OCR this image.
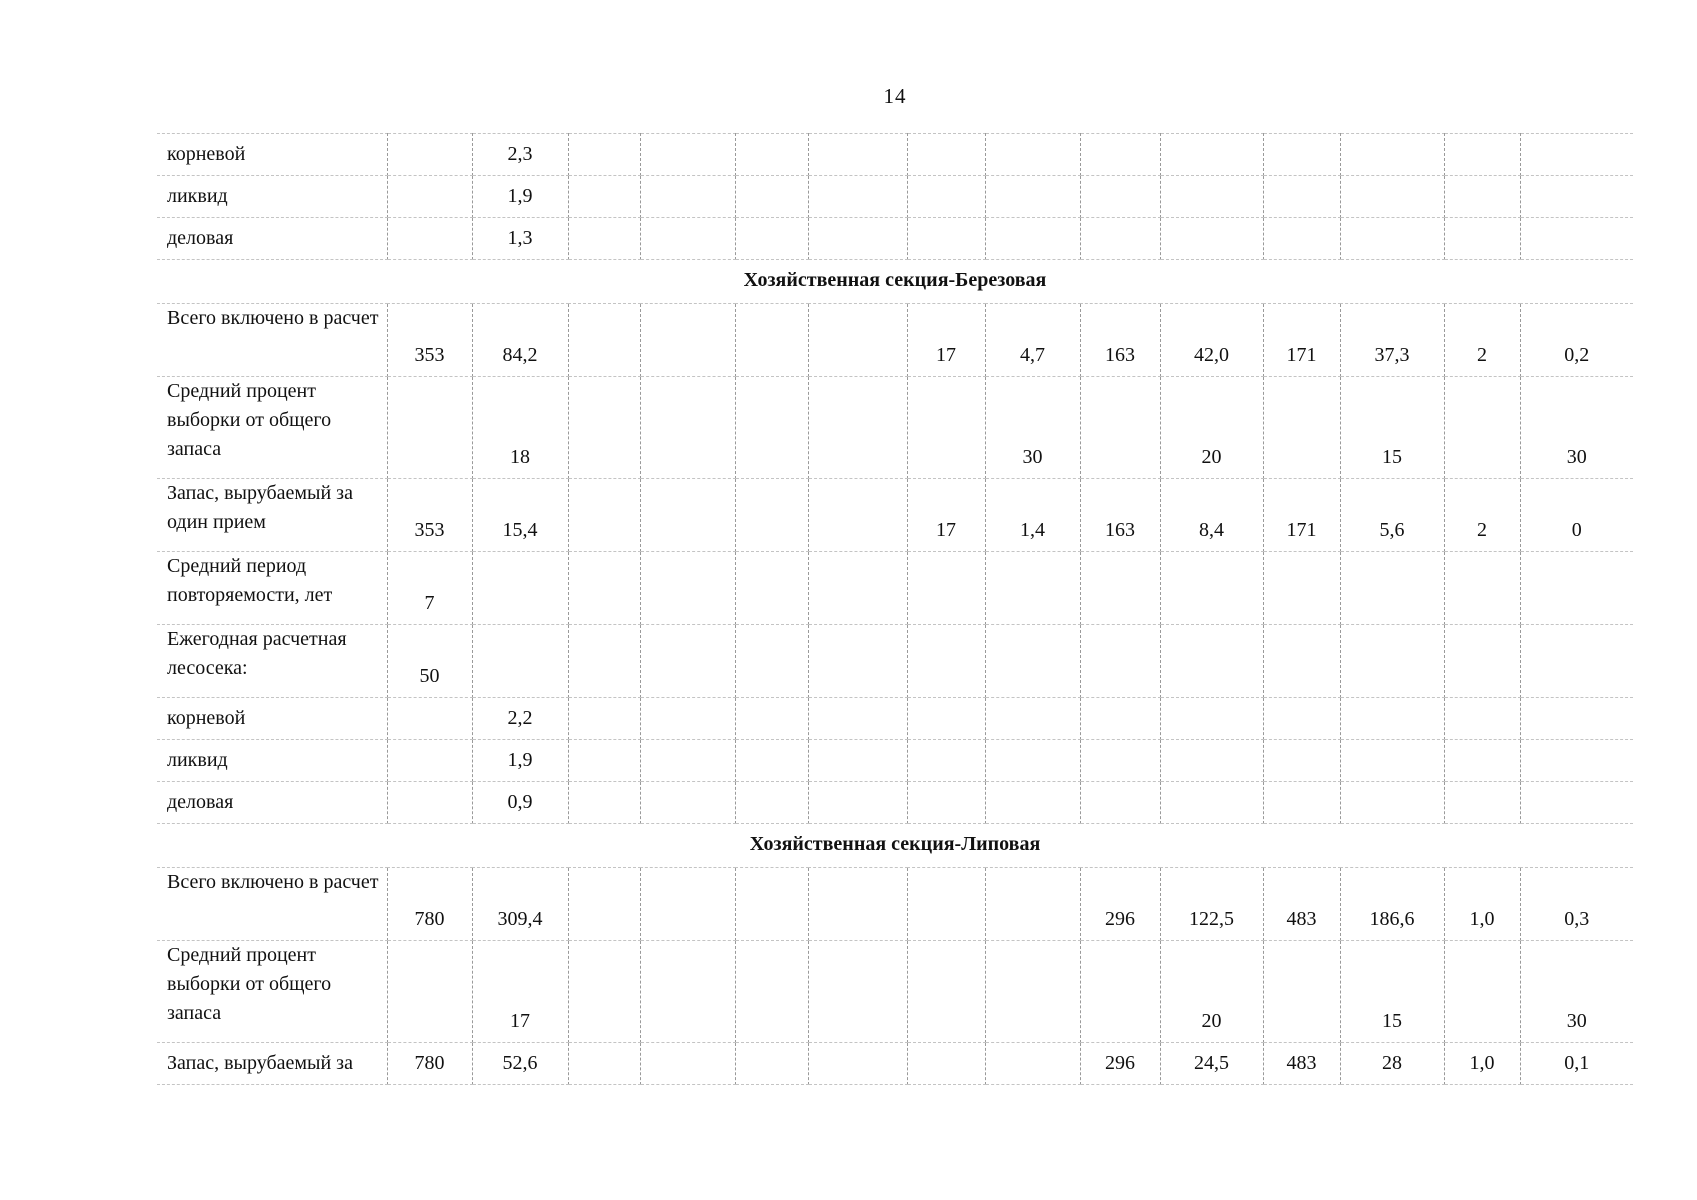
14
корневой		2,3												
ликвид		1,9												
деловая		1,3												
Хозяйственная секция-Березовая														
Всего включено в расчет	353	84,2					17	4,7	163	42,0	171	37,3	2	0,2
Средний процент выборки от общего запаса		18						30		20		15		30
Запас, вырубаемый за один прием	353	15,4					17	1,4	163	8,4	171	5,6	2	0
Средний период повторяемости, лет	7													
Ежегодная расчетная лесосека:	50													
корневой		2,2												
ликвид		1,9												
деловая		0,9												
Хозяйственная секция-Липовая														
Всего включено в расчет	780	309,4							296	122,5	483	186,6	1,0	0,3
Средний процент выборки от общего запаса		17								20		15		30
Запас, вырубаемый за	780	52,6							296	24,5	483	28	1,0	0,1
